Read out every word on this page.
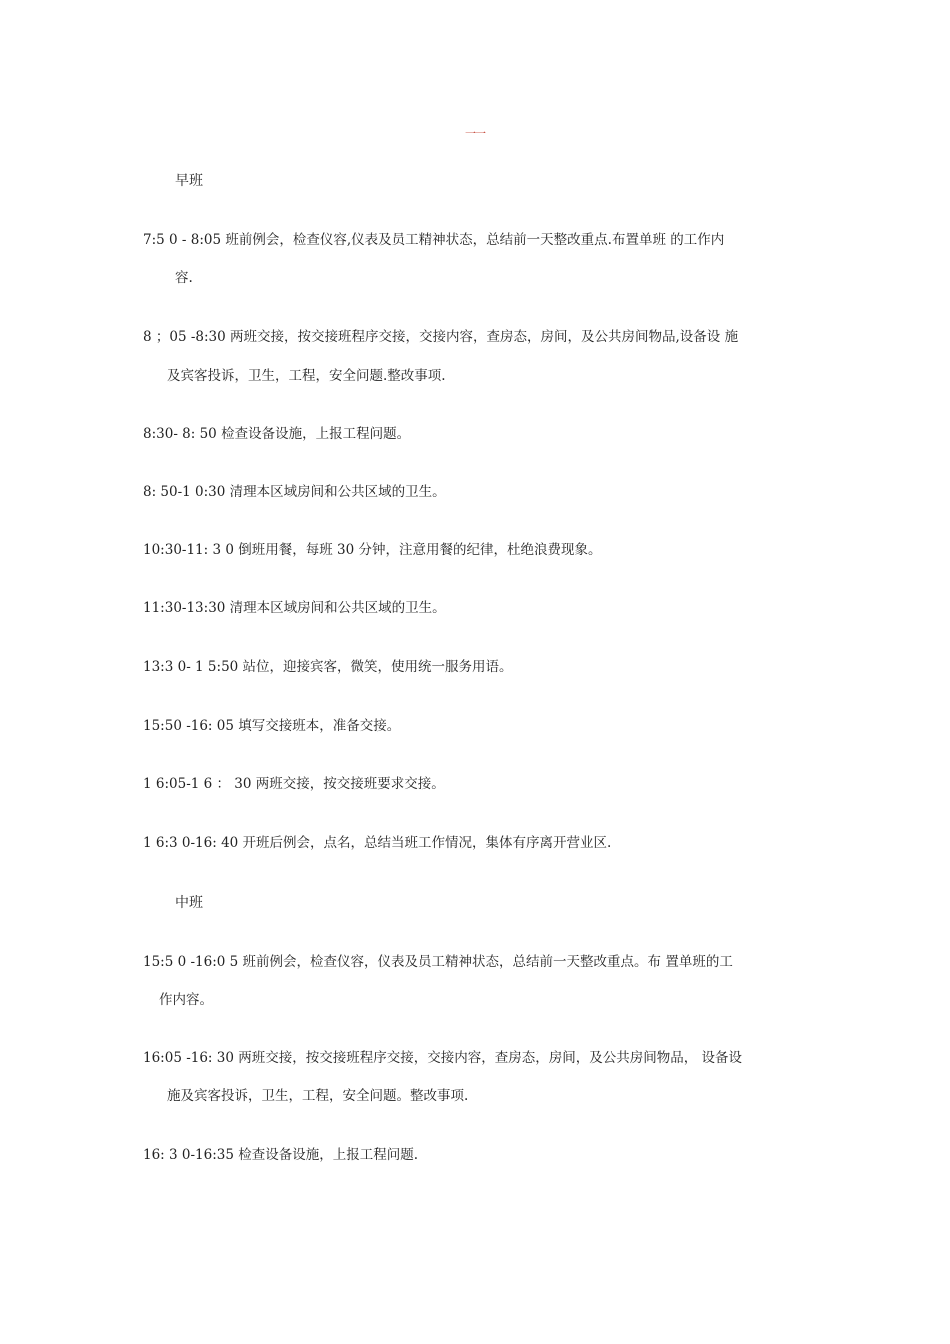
一一
早班
7:5 0 - 8:05 班前例会，检查仪容,仪表及员工精神状态，总结前一天整改重点.布置单班 的工作内
容.
8 ；05 -8:30 两班交接，按交接班程序交接，交接内容，查房态，房间，及公共房间物品,设备设 施
及宾客投诉，卫生，工程，安全问题.整改事项.
8:30- 8: 50 检查设备设施，上报工程问题。
8: 50-1 0:30 清理本区域房间和公共区域的卫生。
10:30-11: 3 0 倒班用餐，每班 30 分钟，注意用餐的纪律，杜绝浪费现象。
11:30-13:30 清理本区域房间和公共区域的卫生。
13:3 0- 1 5:50 站位，迎接宾客，微笑，使用统一服务用语。
15:50 -16: 05 填写交接班本，准备交接。
1 6:05-1 6 ： 30 两班交接，按交接班要求交接。
1 6:3 0-16: 40 开班后例会，点名，总结当班工作情况，集体有序离开营业区.
中班
15:5 0 -16:0 5 班前例会，检查仪容，仪表及员工精神状态，总结前一天整改重点。布 置单班的工
作内容。
16:05 -16: 30 两班交接，按交接班程序交接，交接内容，查房态，房间，及公共房间物品， 设备设
施及宾客投诉，卫生，工程，安全问题。整改事项.
16: 3 0-16:35 检查设备设施，上报工程问题.
